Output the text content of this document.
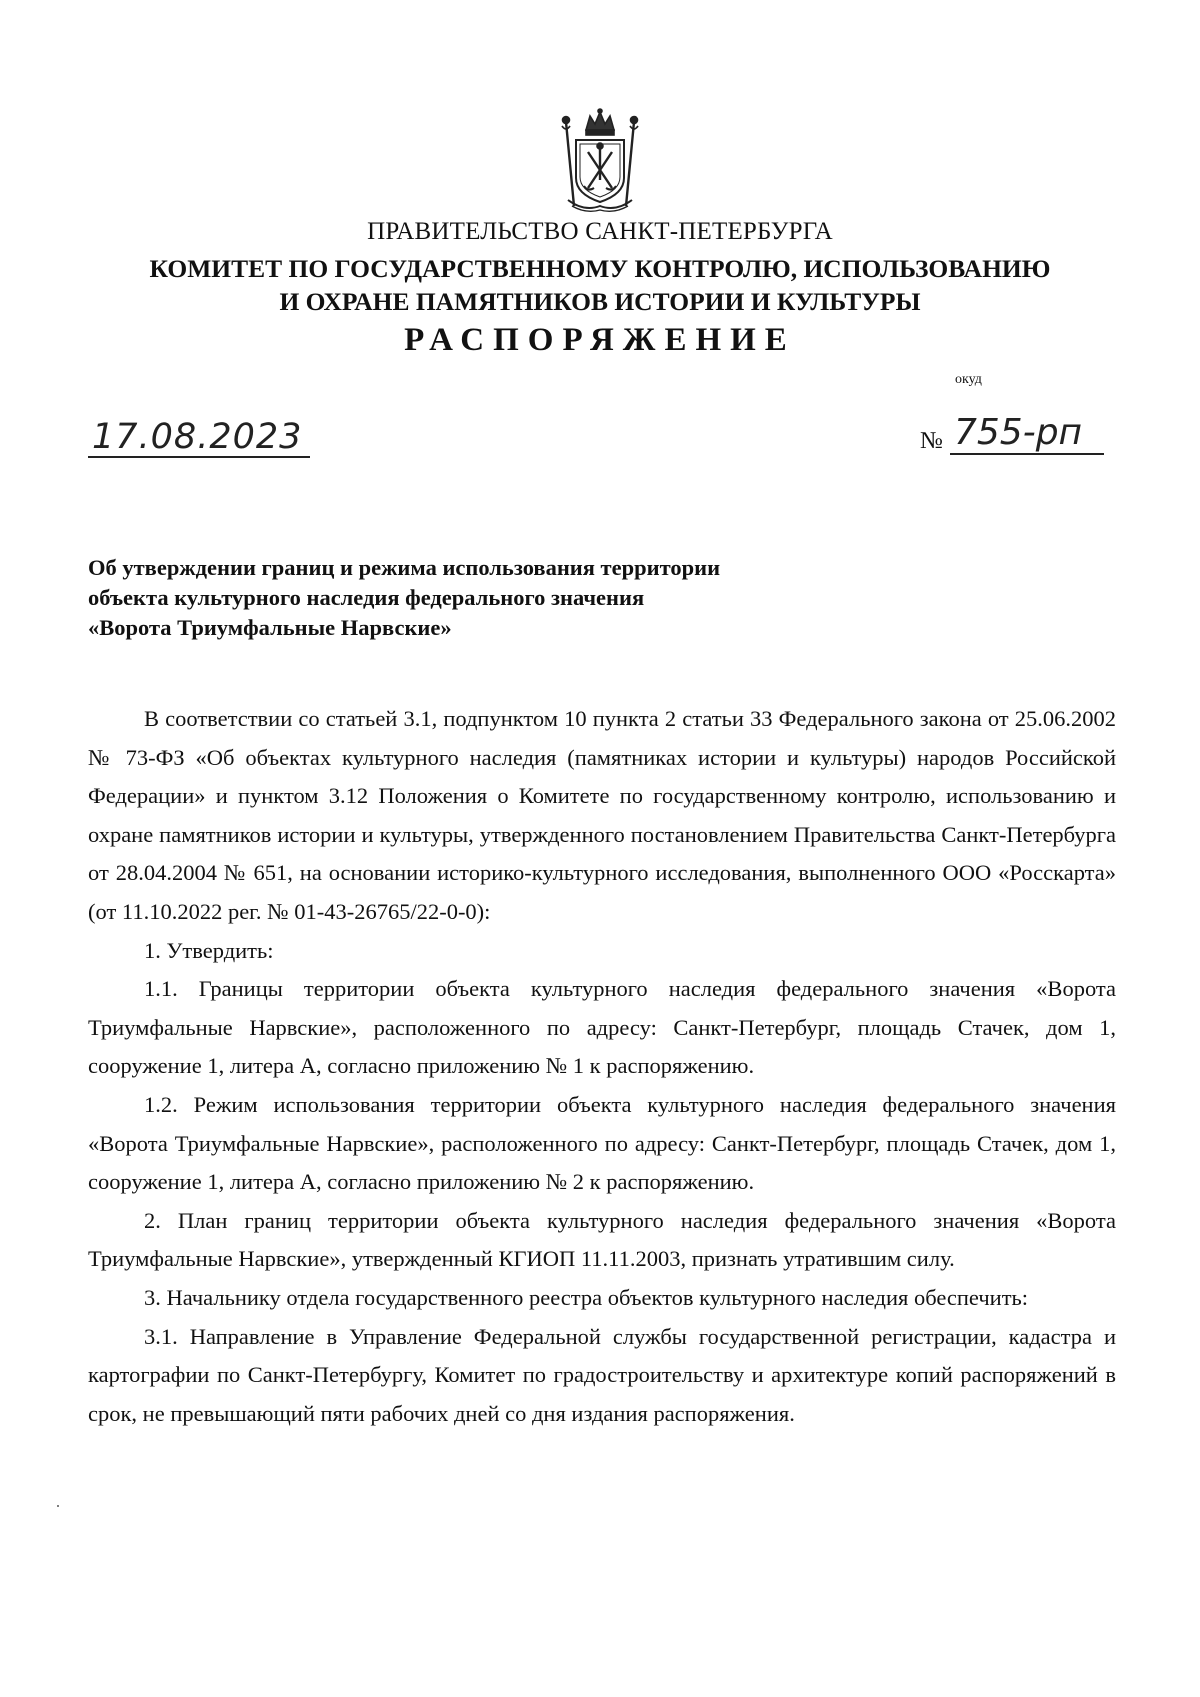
ПРАВИТЕЛЬСТВО САНКТ-ПЕТЕРБУРГА
КОМИТЕТ ПО ГОСУДАРСТВЕННОМУ КОНТРОЛЮ, ИСПОЛЬЗОВАНИЮ
И ОХРАНЕ ПАМЯТНИКОВ ИСТОРИИ И КУЛЬТУРЫ
РАСПОРЯЖЕНИЕ
окуд
17.08.2023	№ 755-рп
Об утверждении границ и режима использования территории
объекта культурного наследия федерального значения
«Ворота Триумфальные Нарвские»

В соответствии со статьей 3.1, подпунктом 10 пункта 2 статьи 33 Федерального закона от 25.06.2002 № 73-ФЗ «Об объектах культурного наследия (памятниках истории и культуры) народов Российской Федерации» и пунктом 3.12 Положения о Комитете по государственному контролю, использованию и охране памятников истории и культуры, утвержденного постановлением Правительства Санкт-Петербурга от 28.04.2004 № 651, на основании историко-культурного исследования, выполненного ООО «Росскарта» (от 11.10.2022 рег. № 01-43-26765/22-0-0):

1. Утвердить:

1.1. Границы территории объекта культурного наследия федерального значения «Ворота Триумфальные Нарвские», расположенного по адресу: Санкт-Петербург, площадь Стачек, дом 1, сооружение 1, литера А, согласно приложению № 1 к распоряжению.

1.2. Режим использования территории объекта культурного наследия федерального значения «Ворота Триумфальные Нарвские», расположенного по адресу: Санкт-Петербург, площадь Стачек, дом 1, сооружение 1, литера А, согласно приложению № 2 к распоряжению.

2. План границ территории объекта культурного наследия федерального значения «Ворота Триумфальные Нарвские», утвержденный КГИОП 11.11.2003, признать утратившим силу.

3. Начальнику отдела государственного реестра объектов культурного наследия обеспечить:

3.1. Направление в Управление Федеральной службы государственной регистрации, кадастра и картографии по Санкт-Петербургу, Комитет по градостроительству и архитектуре копий распоряжений в срок, не превышающий пяти рабочих дней со дня издания распоряжения.
